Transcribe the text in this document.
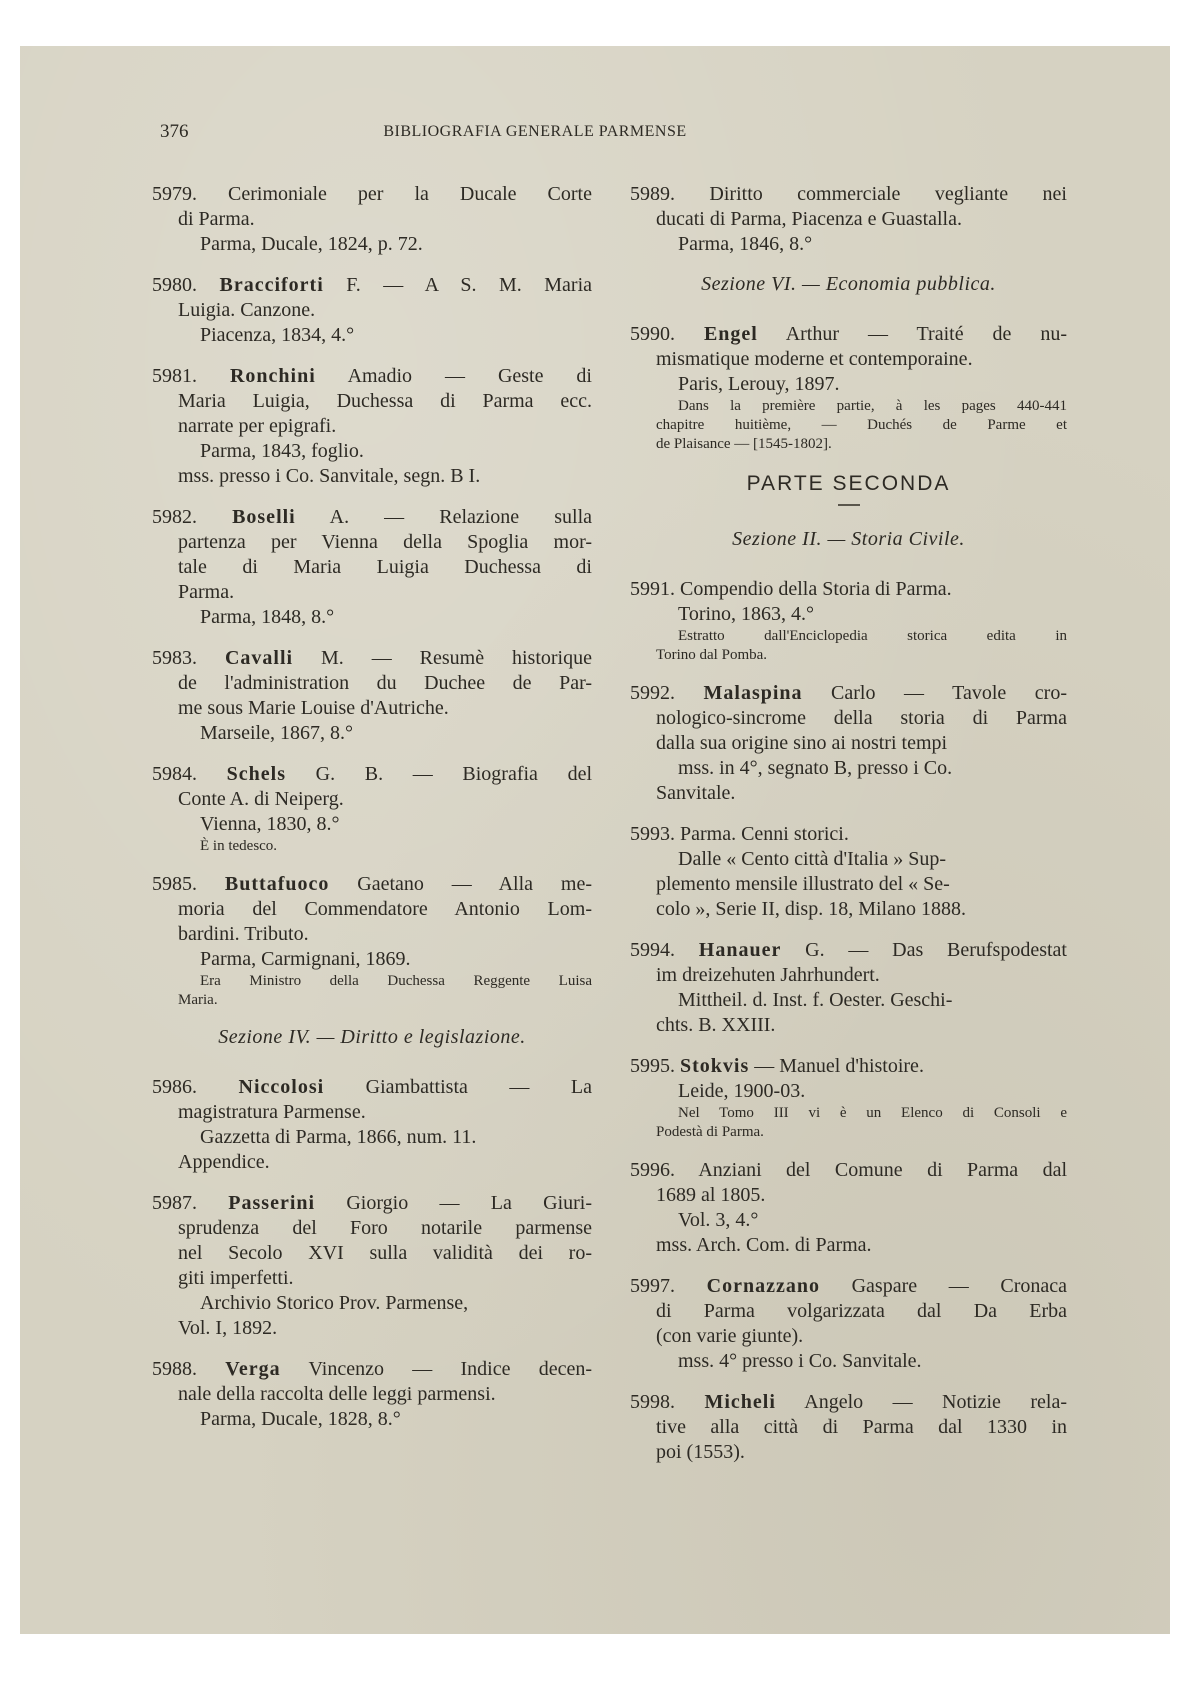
376	BIBLIOGRAFIA GENERALE PARMENSE
5979. Cerimoniale per la Ducale Corte
di Parma.
Parma, Ducale, 1824, p. 72.
5980. Bracciforti F. — A S. M. Maria
Luigia. Canzone.
Piacenza, 1834, 4.°
5981. Ronchini Amadio — Geste di
Maria Luigia, Duchessa di Parma ecc.
narrate per epigrafi.
Parma, 1843, foglio.
mss. presso i Co. Sanvitale, segn. B I.
5982. Boselli A. — Relazione sulla
partenza per Vienna della Spoglia mor-
tale di Maria Luigia Duchessa di
Parma.
Parma, 1848, 8.°
5983. Cavalli M. — Resumè historique
de l'administration du Duchee de Par-
me sous Marie Louise d'Autriche.
Marseile, 1867, 8.°
5984. Schels G. B. — Biografia del
Conte A. di Neiperg.
Vienna, 1830, 8.°
È in tedesco.
5985. Buttafuoco Gaetano — Alla me-
moria del Commendatore Antonio Lom-
bardini. Tributo.
Parma, Carmignani, 1869.
Era Ministro della Duchessa Reggente Luisa
Maria.
Sezione IV. — Diritto e legislazione.
5986. Niccolosi Giambattista — La
magistratura Parmense.
Gazzetta di Parma, 1866, num. 11.
Appendice.
5987. Passerini Giorgio — La Giuri-
sprudenza del Foro notarile parmense
nel Secolo XVI sulla validità dei ro-
giti imperfetti.
Archivio Storico Prov. Parmense,
Vol. I, 1892.
5988. Verga Vincenzo — Indice decen-
nale della raccolta delle leggi parmensi.
Parma, Ducale, 1828, 8.°
5989. Diritto commerciale vegliante nei
ducati di Parma, Piacenza e Guastalla.
Parma, 1846, 8.°
Sezione VI. — Economia pubblica.
5990. Engel Arthur — Traité de nu-
mismatique moderne et contemporaine.
Paris, Lerouy, 1897.
Dans la première partie, à les pages 440-441
chapitre huitième, — Duchés de Parme et
de Plaisance — [1545-1802].
PARTE SECONDA
Sezione II. — Storia Civile.
5991. Compendio della Storia di Parma.
Torino, 1863, 4.°
Estratto dall'Enciclopedia storica edita in
Torino dal Pomba.
5992. Malaspina Carlo — Tavole cro-
nologico-sincrome della storia di Parma
dalla sua origine sino ai nostri tempi
mss. in 4°, segnato B, presso i Co.
Sanvitale.
5993. Parma. Cenni storici.
Dalle « Cento città d'Italia » Sup-
plemento mensile illustrato del « Se-
colo », Serie II, disp. 18, Milano 1888.
5994. Hanauer G. — Das Berufspodestat
im dreizehuten Jahrhundert.
Mittheil. d. Inst. f. Oester. Geschi-
chts. B. XXIII.
5995. Stokvis — Manuel d'histoire.
Leide, 1900-03.
Nel Tomo III vi è un Elenco di Consoli e
Podestà di Parma.
5996. Anziani del Comune di Parma dal
1689 al 1805.
Vol. 3, 4.°
mss. Arch. Com. di Parma.
5997. Cornazzano Gaspare — Cronaca
di Parma volgarizzata dal Da Erba
(con varie giunte).
mss. 4° presso i Co. Sanvitale.
5998. Micheli Angelo — Notizie rela-
tive alla città di Parma dal 1330 in
poi (1553).
